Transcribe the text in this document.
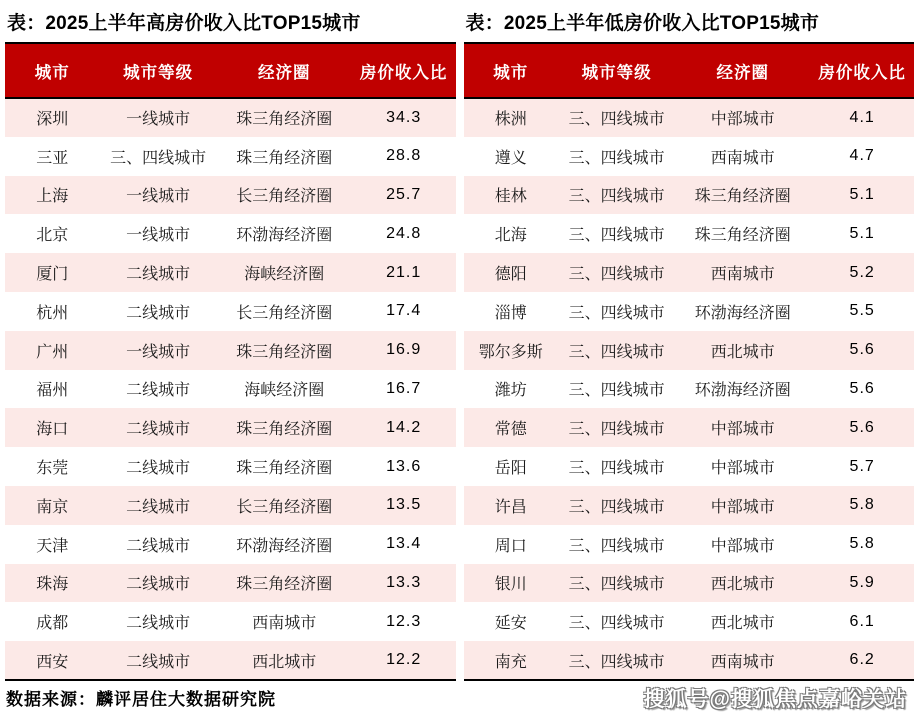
表：2025上半年高房价收入比TOP15城市
城市	城市等级	经济圈	房价收入比
深圳	一线城市	珠三角经济圈	34.3
三亚	三、四线城市	珠三角经济圈	28.8
上海	一线城市	长三角经济圈	25.7
北京	一线城市	环渤海经济圈	24.8
厦门	二线城市	海峡经济圈	21.1
杭州	二线城市	长三角经济圈	17.4
广州	一线城市	珠三角经济圈	16.9
福州	二线城市	海峡经济圈	16.7
海口	二线城市	珠三角经济圈	14.2
东莞	二线城市	珠三角经济圈	13.6
南京	二线城市	长三角经济圈	13.5
天津	二线城市	环渤海经济圈	13.4
珠海	二线城市	珠三角经济圈	13.3
成都	二线城市	西南城市	12.3
西安	二线城市	西北城市	12.2
表：2025上半年低房价收入比TOP15城市
城市	城市等级	经济圈	房价收入比
株洲	三、四线城市	中部城市	4.1
遵义	三、四线城市	西南城市	4.7
桂林	三、四线城市	珠三角经济圈	5.1
北海	三、四线城市	珠三角经济圈	5.1
德阳	三、四线城市	西南城市	5.2
淄博	三、四线城市	环渤海经济圈	5.5
鄂尔多斯	三、四线城市	西北城市	5.6
潍坊	三、四线城市	环渤海经济圈	5.6
常德	三、四线城市	中部城市	5.6
岳阳	三、四线城市	中部城市	5.7
许昌	三、四线城市	中部城市	5.8
周口	三、四线城市	中部城市	5.8
银川	三、四线城市	西北城市	5.9
延安	三、四线城市	西北城市	6.1
南充	三、四线城市	西南城市	6.2
数据来源：麟评居住大数据研究院	搜狐号@搜狐焦点嘉峪关站
